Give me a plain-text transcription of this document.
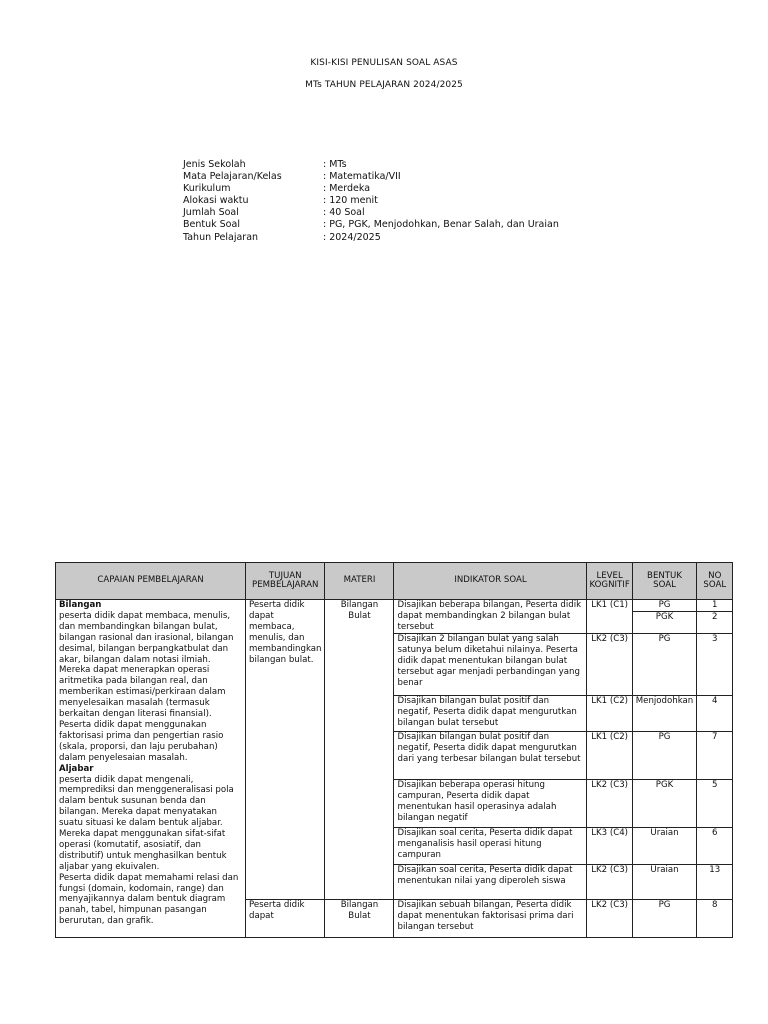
KISI-KISI PENULISAN SOAL ASAS
MTs TAHUN PELAJARAN 2024/2025
Jenis Sekolah	: MTs
Mata Pelajaran/Kelas	: Matematika/VII
Kurikulum	: Merdeka
Alokasi waktu	: 120 menit
Jumlah Soal	: 40 Soal
Bentuk Soal	: PG, PGK, Menjodohkan, Benar Salah, dan Uraian
Tahun Pelajaran	: 2024/2025
CAPAIAN PEMBELAJARAN	TUJUAN PEMBELAJARAN	MATERI	INDIKATOR SOAL	LEVEL KOGNITIF	BENTUK SOAL	NO SOAL

Bilangan
peserta didik dapat membaca, menulis, dan membandingkan bilangan bulat, bilangan rasional dan irasional, bilangan desimal, bilangan berpangkatbulat dan akar, bilangan dalam notasi ilmiah. Mereka dapat menerapkan operasi aritmetika pada bilangan real, dan memberikan estimasi/perkiraan dalam menyelesaikan masalah (termasuk berkaitan dengan literasi finansial). Peserta didik dapat menggunakan faktorisasi prima dan pengertian rasio (skala, proporsi, dan laju perubahan) dalam penyelesaian masalah.
Aljabar
peserta didik dapat mengenali, memprediksi dan menggeneralisasi pola dalam bentuk susunan benda dan bilangan. Mereka dapat menyatakan suatu situasi ke dalam bentuk aljabar. Mereka dapat menggunakan sifat-sifat operasi (komutatif, asosiatif, dan distributif) untuk menghasilkan bentuk aljabar yang ekuivalen.
Peserta didik dapat memahami relasi dan fungsi (domain, kodomain, range) dan menyajikannya dalam bentuk diagram panah, tabel, himpunan pasangan berurutan, dan grafik.	Peserta didik dapat membaca, menulis, dan membandingkan bilangan bulat.	Bilangan Bulat	Disajikan beberapa bilangan, Peserta didik dapat membandingkan 2 bilangan bulat tersebut	LK1 (C1)	PG	1
					PGK	2
			Disajikan 2 bilangan bulat yang salah satunya belum diketahui nilainya. Peserta didik dapat menentukan bilangan bulat tersebut agar menjadi perbandingan yang benar	LK2 (C3)	PG	3
			Disajikan bilangan bulat positif dan negatif, Peserta didik dapat mengurutkan bilangan bulat tersebut	LK1 (C2)	Menjodohkan	4
			Disajikan bilangan bulat positif dan negatif, Peserta didik dapat mengurutkan dari yang terbesar bilangan bulat tersebut	LK1 (C2)	PG	7
			Disajikan beberapa operasi hitung campuran, Peserta didik dapat menentukan hasil operasinya adalah bilangan negatif	LK2 (C3)	PGK	5
			Disajikan soal cerita, Peserta didik dapat menganalisis hasil operasi hitung campuran	LK3 (C4)	Uraian	6
			Disajikan soal cerita, Peserta didik dapat menentukan nilai yang diperoleh siswa	LK2 (C3)	Uraian	13
	Peserta didik dapat	Bilangan Bulat	Disajikan sebuah bilangan, Peserta didik dapat menentukan faktorisasi prima dari bilangan tersebut	LK2 (C3)	PG	8
